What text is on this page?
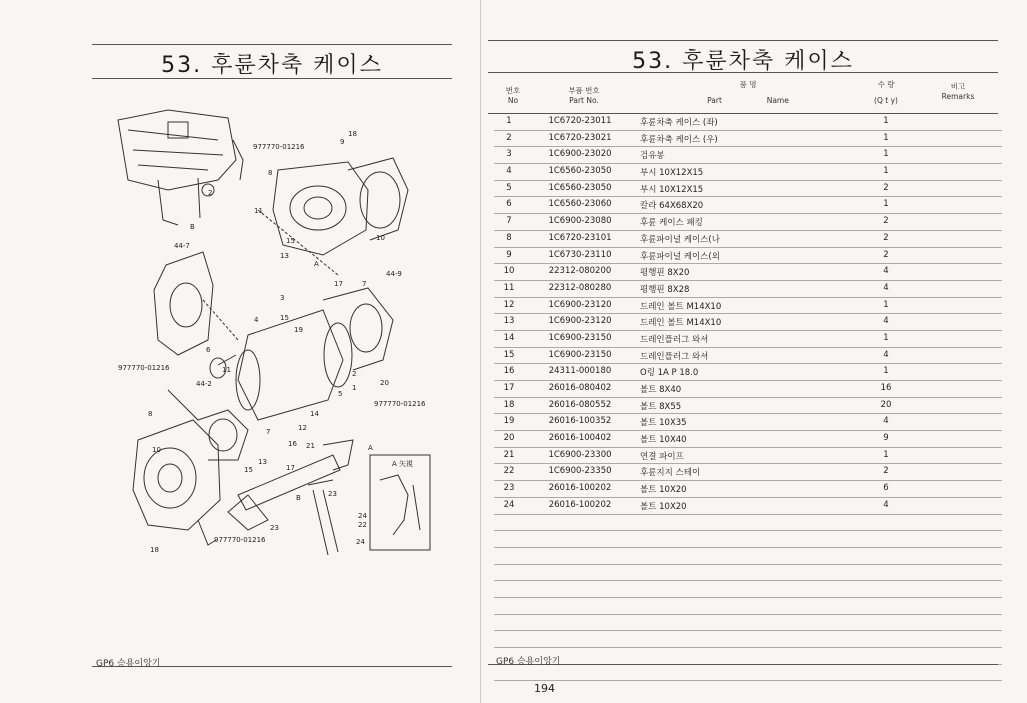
53. 후륜차축 케이스
18
9
977770-01216
8
11
15
13
A
10
2
B
44-7
3
15
4
19
6
17	7
44-9
977770-01216
44-2
11
5
1
2
20
977770-01216
8	14
12
16
7
10
15
13
17
21	A
A 矢視
B	23
24
22
24
23
18
977770-01216
GP6 승용이앙기
53. 후륜차축 케이스
번호
No
부품 번호
Part No.
품 명
Part	Name
수 량
(Q t y)
비고
Remarks
1	1C6720-23011	후륜차축 케이스 (좌)	1
2	1C6720-23021	후륜차축 케이스 (우)	1
3	1C6900-23020	검유봉	1
4	1C6560-23050	부시 10X12X15	1
5	1C6560-23050	부시 10X12X15	2
6	1C6560-23060	칼라 64X68X20	1
7	1C6900-23080	후륜 케이스 패킹	2
8	1C6720-23101	후륜파이널 케이스(나	2
9	1C6730-23110	후륜파이널 케이스(외	2
10	22312-080200	평행핀 8X20	4
11	22312-080280	평행핀 8X28	4
12	1C6900-23120	드레인 볼트 M14X10	1
13	1C6900-23120	드레인 볼트 M14X10	4
14	1C6900-23150	드레인플러그 와셔	1
15	1C6900-23150	드레인플러그 와셔	4
16	24311-000180	O링 1A P 18.0	1
17	26016-080402	볼트 8X40	16
18	26016-080552	볼트 8X55	20
19	26016-100352	볼트 10X35	4
20	26016-100402	볼트 10X40	9
21	1C6900-23300	연결 파이프	1
22	1C6900-23350	후륜지지 스테이	2
23	26016-100202	볼트 10X20	6
24	26016-100202	볼트 10X20	4
GP6 승용이앙기
194
